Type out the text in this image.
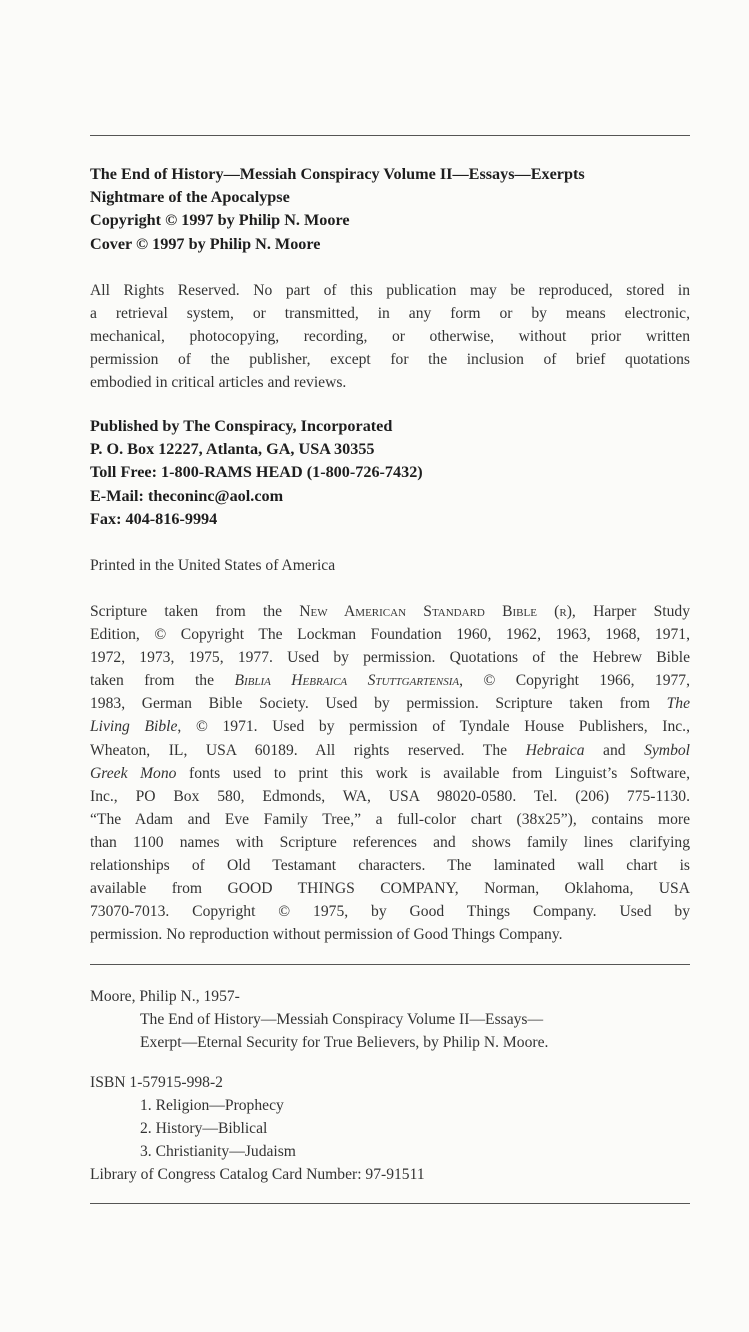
The End of History—Messiah Conspiracy Volume II—Essays—Exerpts
Nightmare of the Apocalypse
Copyright © 1997 by Philip N. Moore
Cover © 1997 by Philip N. Moore
All Rights Reserved. No part of this publication may be reproduced, stored in
a retrieval system, or transmitted, in any form or by means electronic,
mechanical, photocopying, recording, or otherwise, without prior written
permission of the publisher, except for the inclusion of brief quotations
embodied in critical articles and reviews.
Published by The Conspiracy, Incorporated
P. O. Box 12227, Atlanta, GA, USA 30355
Toll Free: 1-800-RAMS HEAD (1-800-726-7432)
E-Mail: theconinc@aol.com
Fax: 404-816-9994
Printed in the United States of America
Scripture taken from the New American Standard Bible (r), Harper Study
Edition, © Copyright The Lockman Foundation 1960, 1962, 1963, 1968, 1971,
1972, 1973, 1975, 1977. Used by permission. Quotations of the Hebrew Bible
taken from the Biblia Hebraica Stuttgartensia, © Copyright 1966, 1977,
1983, German Bible Society. Used by permission. Scripture taken from The
Living Bible, © 1971. Used by permission of Tyndale House Publishers, Inc.,
Wheaton, IL, USA 60189. All rights reserved. The Hebraica and Symbol
Greek Mono fonts used to print this work is available from Linguist’s Software,
Inc., PO Box 580, Edmonds, WA, USA 98020-0580. Tel. (206) 775-1130.
“The Adam and Eve Family Tree,” a full-color chart (38x25”), contains more
than 1100 names with Scripture references and shows family lines clarifying
relationships of Old Testamant characters. The laminated wall chart is
available from GOOD THINGS COMPANY, Norman, Oklahoma, USA
73070-7013. Copyright © 1975, by Good Things Company. Used by
permission. No reproduction without permission of Good Things Company.
Moore, Philip N., 1957-
The End of History—Messiah Conspiracy Volume II—Essays—
Exerpt—Eternal Security for True Believers, by Philip N. Moore.
ISBN 1-57915-998-2
1. Religion—Prophecy
2. History—Biblical
3. Christianity—Judaism
Library of Congress Catalog Card Number: 97-91511
